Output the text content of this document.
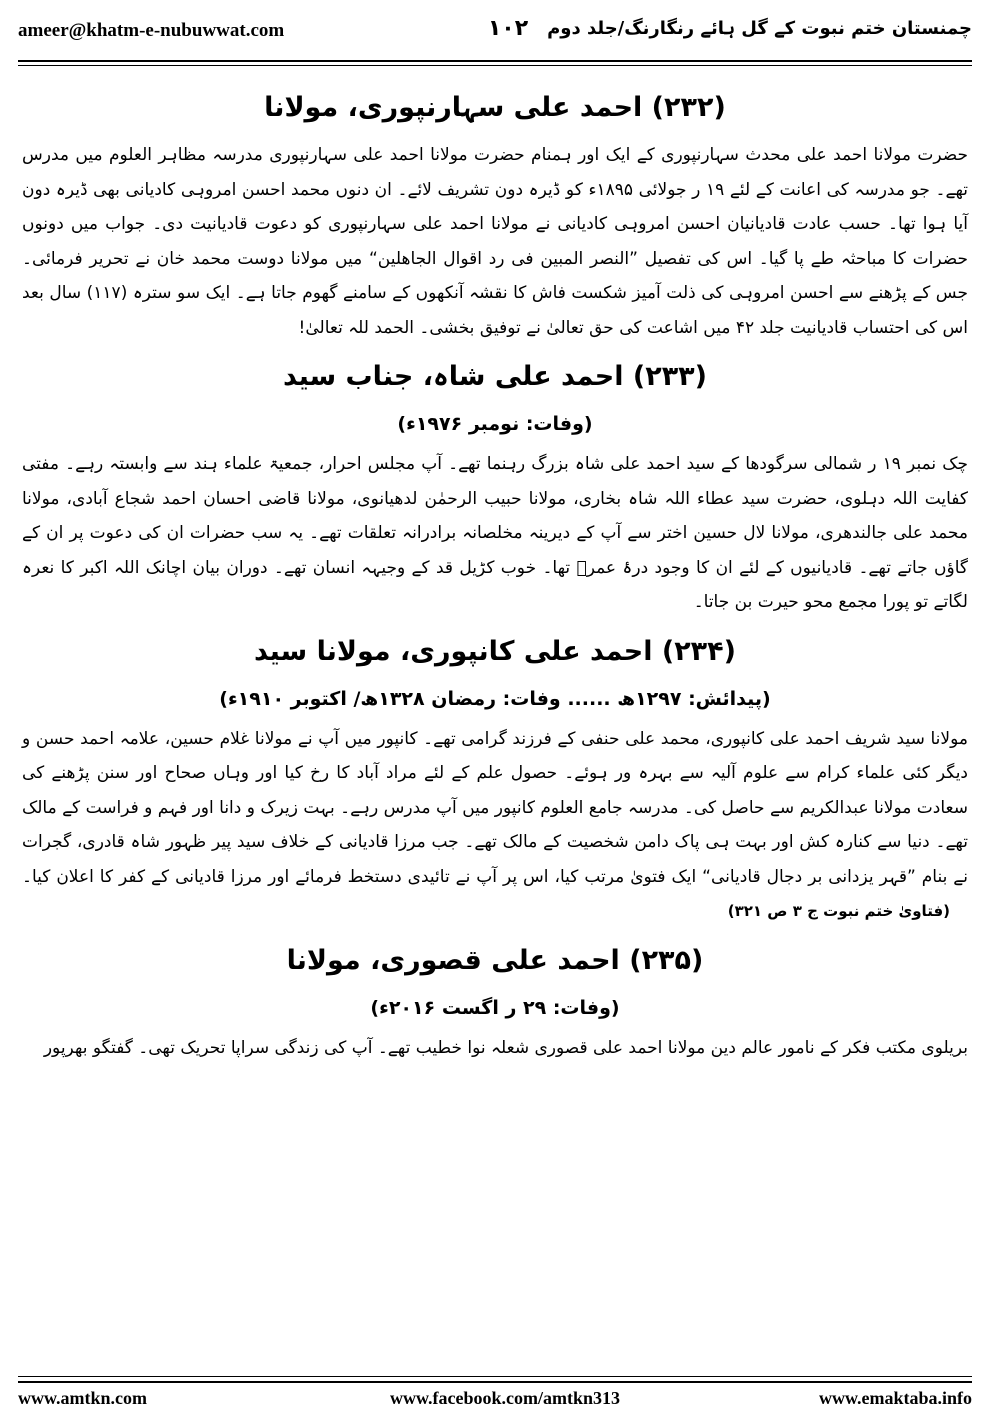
ameer@khatm-e-nubuwwat.com	۱۰۲	چمنستان ختم نبوت کے گل ہائے رنگارنگ/جلد دوم
(۲۳۲) احمد علی سہارنپوری، مولانا

حضرت مولانا احمد علی محدث سہارنپوری کے ایک اور ہمنام حضرت مولانا احمد علی سہارنپوری مدرسہ مظاہر العلوم میں مدرس تھے۔ جو مدرسہ کی اعانت کے لئے ۱۹ ر جولائی ۱۸۹۵ء کو ڈیرہ دون تشریف لائے۔ ان دنوں محمد احسن امروہی کادیانی بھی ڈیرہ دون آیا ہوا تھا۔ حسب عادت قادیانیان احسن امروہی کادیانی نے مولانا احمد علی سہارنپوری کو دعوت قادیانیت دی۔ جواب میں دونوں حضرات کا مباحثہ طے پا گیا۔ اس کی تفصیل ”النصر المبین فی رد اقوال الجاھلین“ میں مولانا دوست محمد خان نے تحریر فرمائی۔ جس کے پڑھنے سے احسن امروہی کی ذلت آمیز شکست فاش کا نقشہ آنکھوں کے سامنے گھوم جاتا ہے۔ ایک سو سترہ (۱۱۷) سال بعد اس کی احتساب قادیانیت جلد ۴۲ میں اشاعت کی حق تعالیٰ نے توفیق بخشی۔ الحمد للہ تعالیٰ!

(۲۳۳) احمد علی شاہ، جناب سید
(وفات: نومبر ۱۹۷۶ء)

چک نمبر ۱۹ ر شمالی سرگودھا کے سید احمد علی شاہ بزرگ رہنما تھے۔ آپ مجلس احرار، جمعیۃ علماء ہند سے وابستہ رہے۔ مفتی کفایت اللہ دہلوی، حضرت سید عطاء اللہ شاہ بخاری، مولانا حبیب الرحمٰن لدھیانوی، مولانا قاضی احسان احمد شجاع آبادی، مولانا محمد علی جالندھری، مولانا لال حسین اختر سے آپ کے دیرینہ مخلصانہ برادرانہ تعلقات تھے۔ یہ سب حضرات ان کی دعوت پر ان کے گاؤں جاتے تھے۔ قادیانیوں کے لئے ان کا وجود درۂ عمرؓ تھا۔ خوب کڑیل قد کے وجیہہ انسان تھے۔ دوران بیان اچانک اللہ اکبر کا نعرہ لگاتے تو پورا مجمع محو حیرت بن جاتا۔

(۲۳۴) احمد علی کانپوری، مولانا سید
(پیدائش: ۱۲۹۷ھ ...... وفات: رمضان ۱۳۲۸ھ/ اکتوبر ۱۹۱۰ء)

مولانا سید شریف احمد علی کانپوری، محمد علی حنفی کے فرزند گرامی تھے۔ کانپور میں آپ نے مولانا غلام حسین، علامہ احمد حسن و دیگر کئی علماء کرام سے علوم آلیہ سے بہرہ ور ہوئے۔ حصول علم کے لئے مراد آباد کا رخ کیا اور وہاں صحاح اور سنن پڑھنے کی سعادت مولانا عبدالکریم سے حاصل کی۔ مدرسہ جامع العلوم کانپور میں آپ مدرس رہے۔ بہت زیرک و دانا اور فہم و فراست کے مالک تھے۔ دنیا سے کنارہ کش اور بہت ہی پاک دامن شخصیت کے مالک تھے۔ جب مرزا قادیانی کے خلاف سید پیر ظہور شاہ قادری، گجرات نے بنام ”قہر یزدانی بر دجال قادیانی“ ایک فتویٰ مرتب کیا، اس پر آپ نے تائیدی دستخط فرمائے اور مرزا قادیانی کے کفر کا اعلان کیا۔(فتاویٰ ختم نبوت ج ۳ ص ۳۲۱)

(۲۳۵) احمد علی قصوری، مولانا
(وفات: ۲۹ ر اگست ۲۰۱۶ء)

بریلوی مکتب فکر کے نامور عالم دین مولانا احمد علی قصوری شعلہ نوا خطیب تھے۔ آپ کی زندگی سراپا تحریک تھی۔ گفتگو بھرپور

www.amtkn.com	www.facebook.com/amtkn313	www.emaktaba.info
